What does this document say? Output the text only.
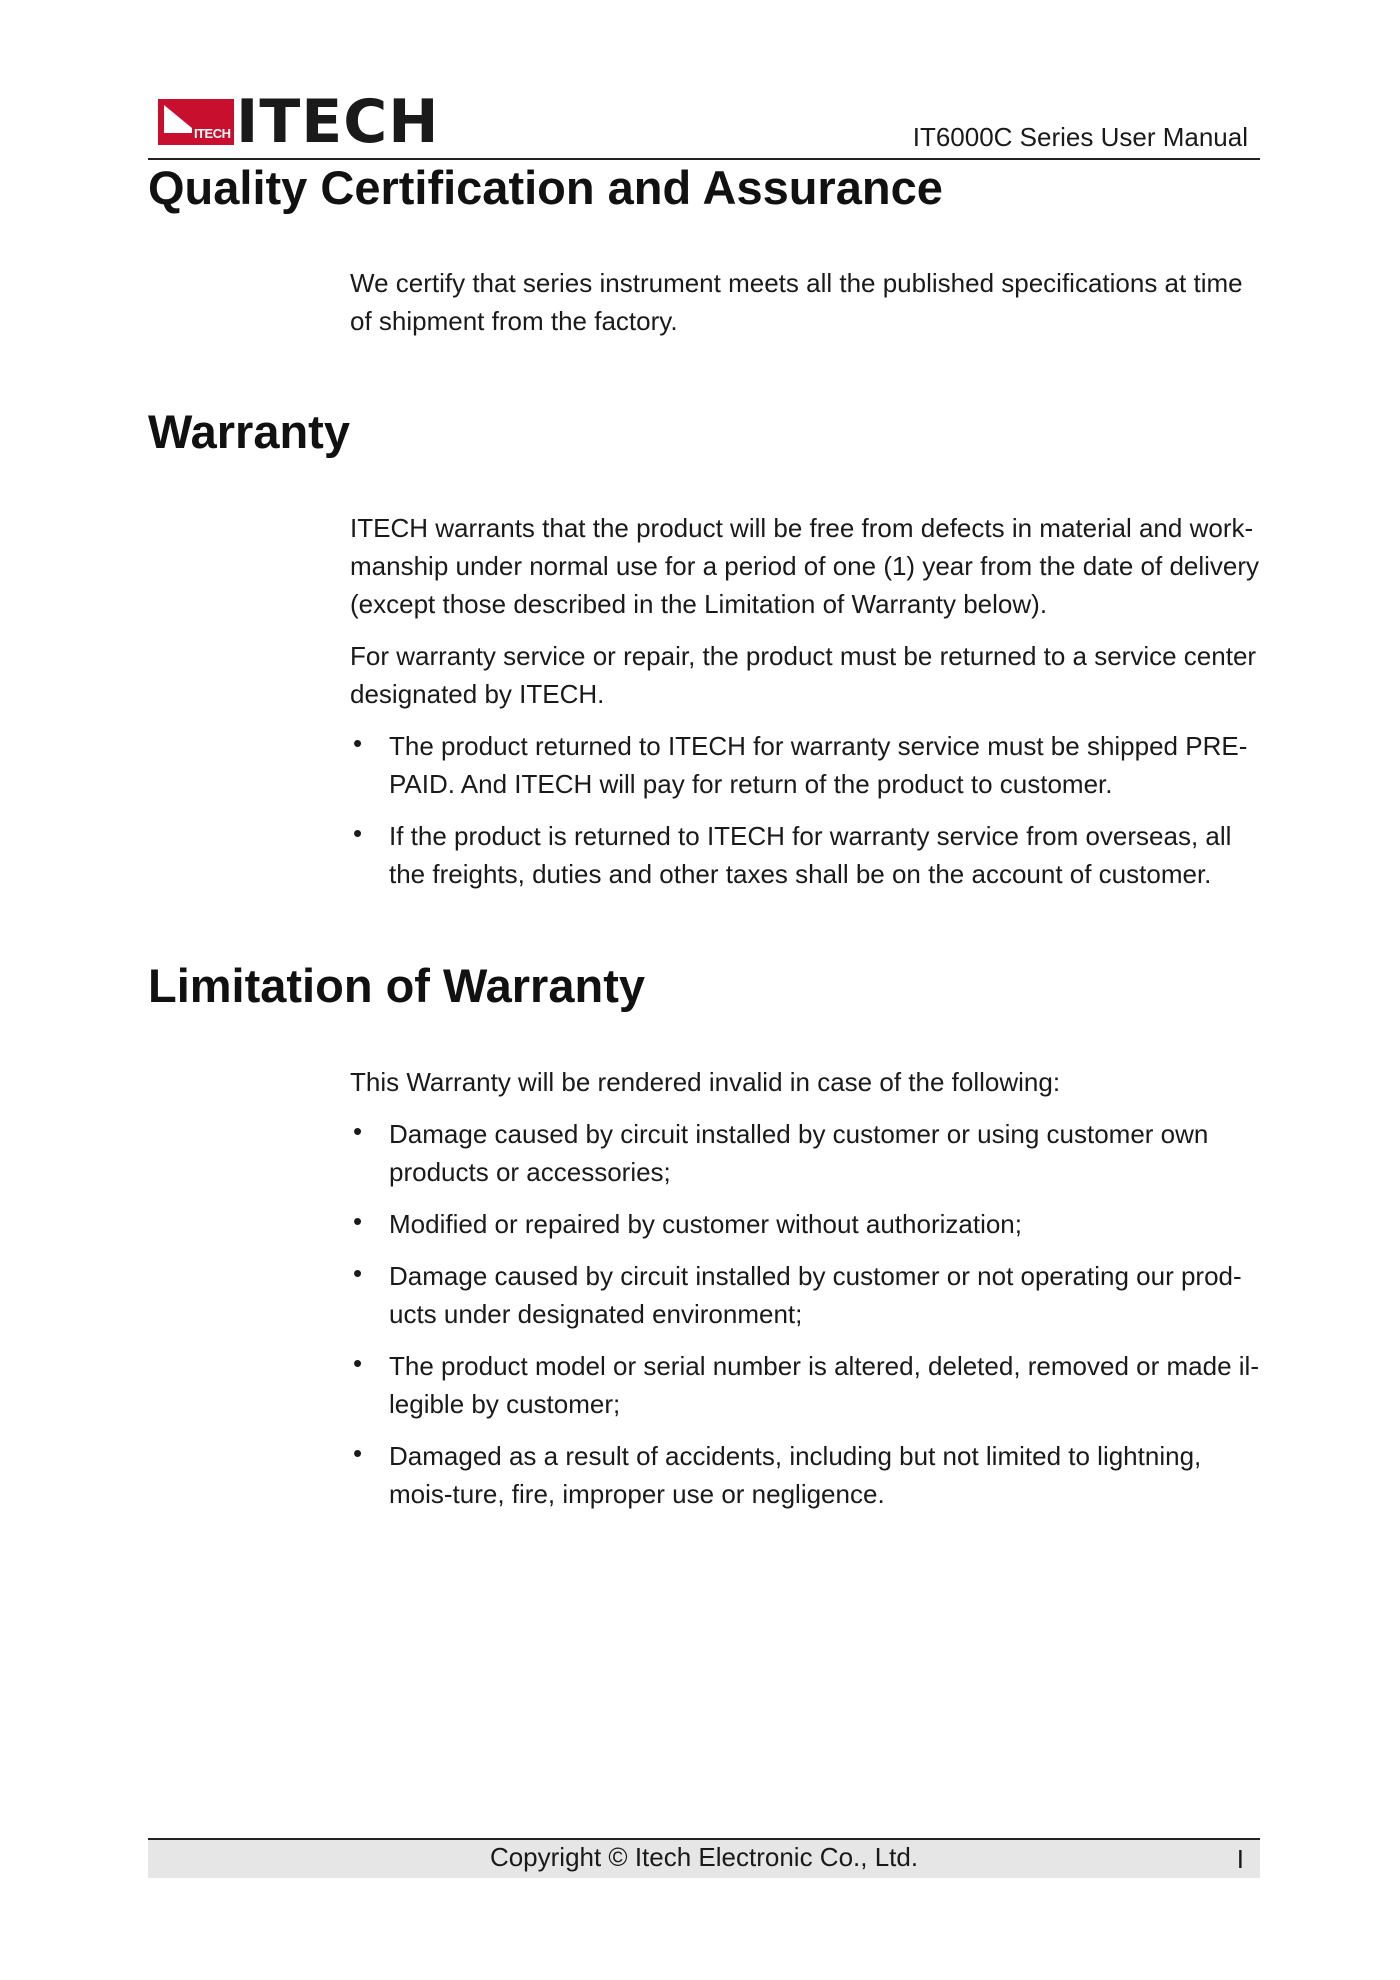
ITECH ITECH	IT6000C Series User Manual
Quality Certification and Assurance

We certify that series instrument meets all the published specifications at time of shipment from the factory.

Warranty

ITECH warrants that the product will be free from defects in material and work-manship under normal use for a period of one (1) year from the date of delivery (except those described in the Limitation of Warranty below).

For warranty service or repair, the product must be returned to a service center designated by ITECH.

• The product returned to ITECH for warranty service must be shipped PRE-PAID. And ITECH will pay for return of the product to customer.
• If the product is returned to ITECH for warranty service from overseas, all the freights, duties and other taxes shall be on the account of customer.
Limitation of Warranty

This Warranty will be rendered invalid in case of the following:

• Damage caused by circuit installed by customer or using customer own products or accessories;
• Modified or repaired by customer without authorization;
• Damage caused by circuit installed by customer or not operating our prod-ucts under designated environment;
• The product model or serial number is altered, deleted, removed or made il-legible by customer;
• Damaged as a result of accidents, including but not limited to lightning, mois-ture, fire, improper use or negligence.
Copyright © Itech Electronic Co., Ltd.	I
